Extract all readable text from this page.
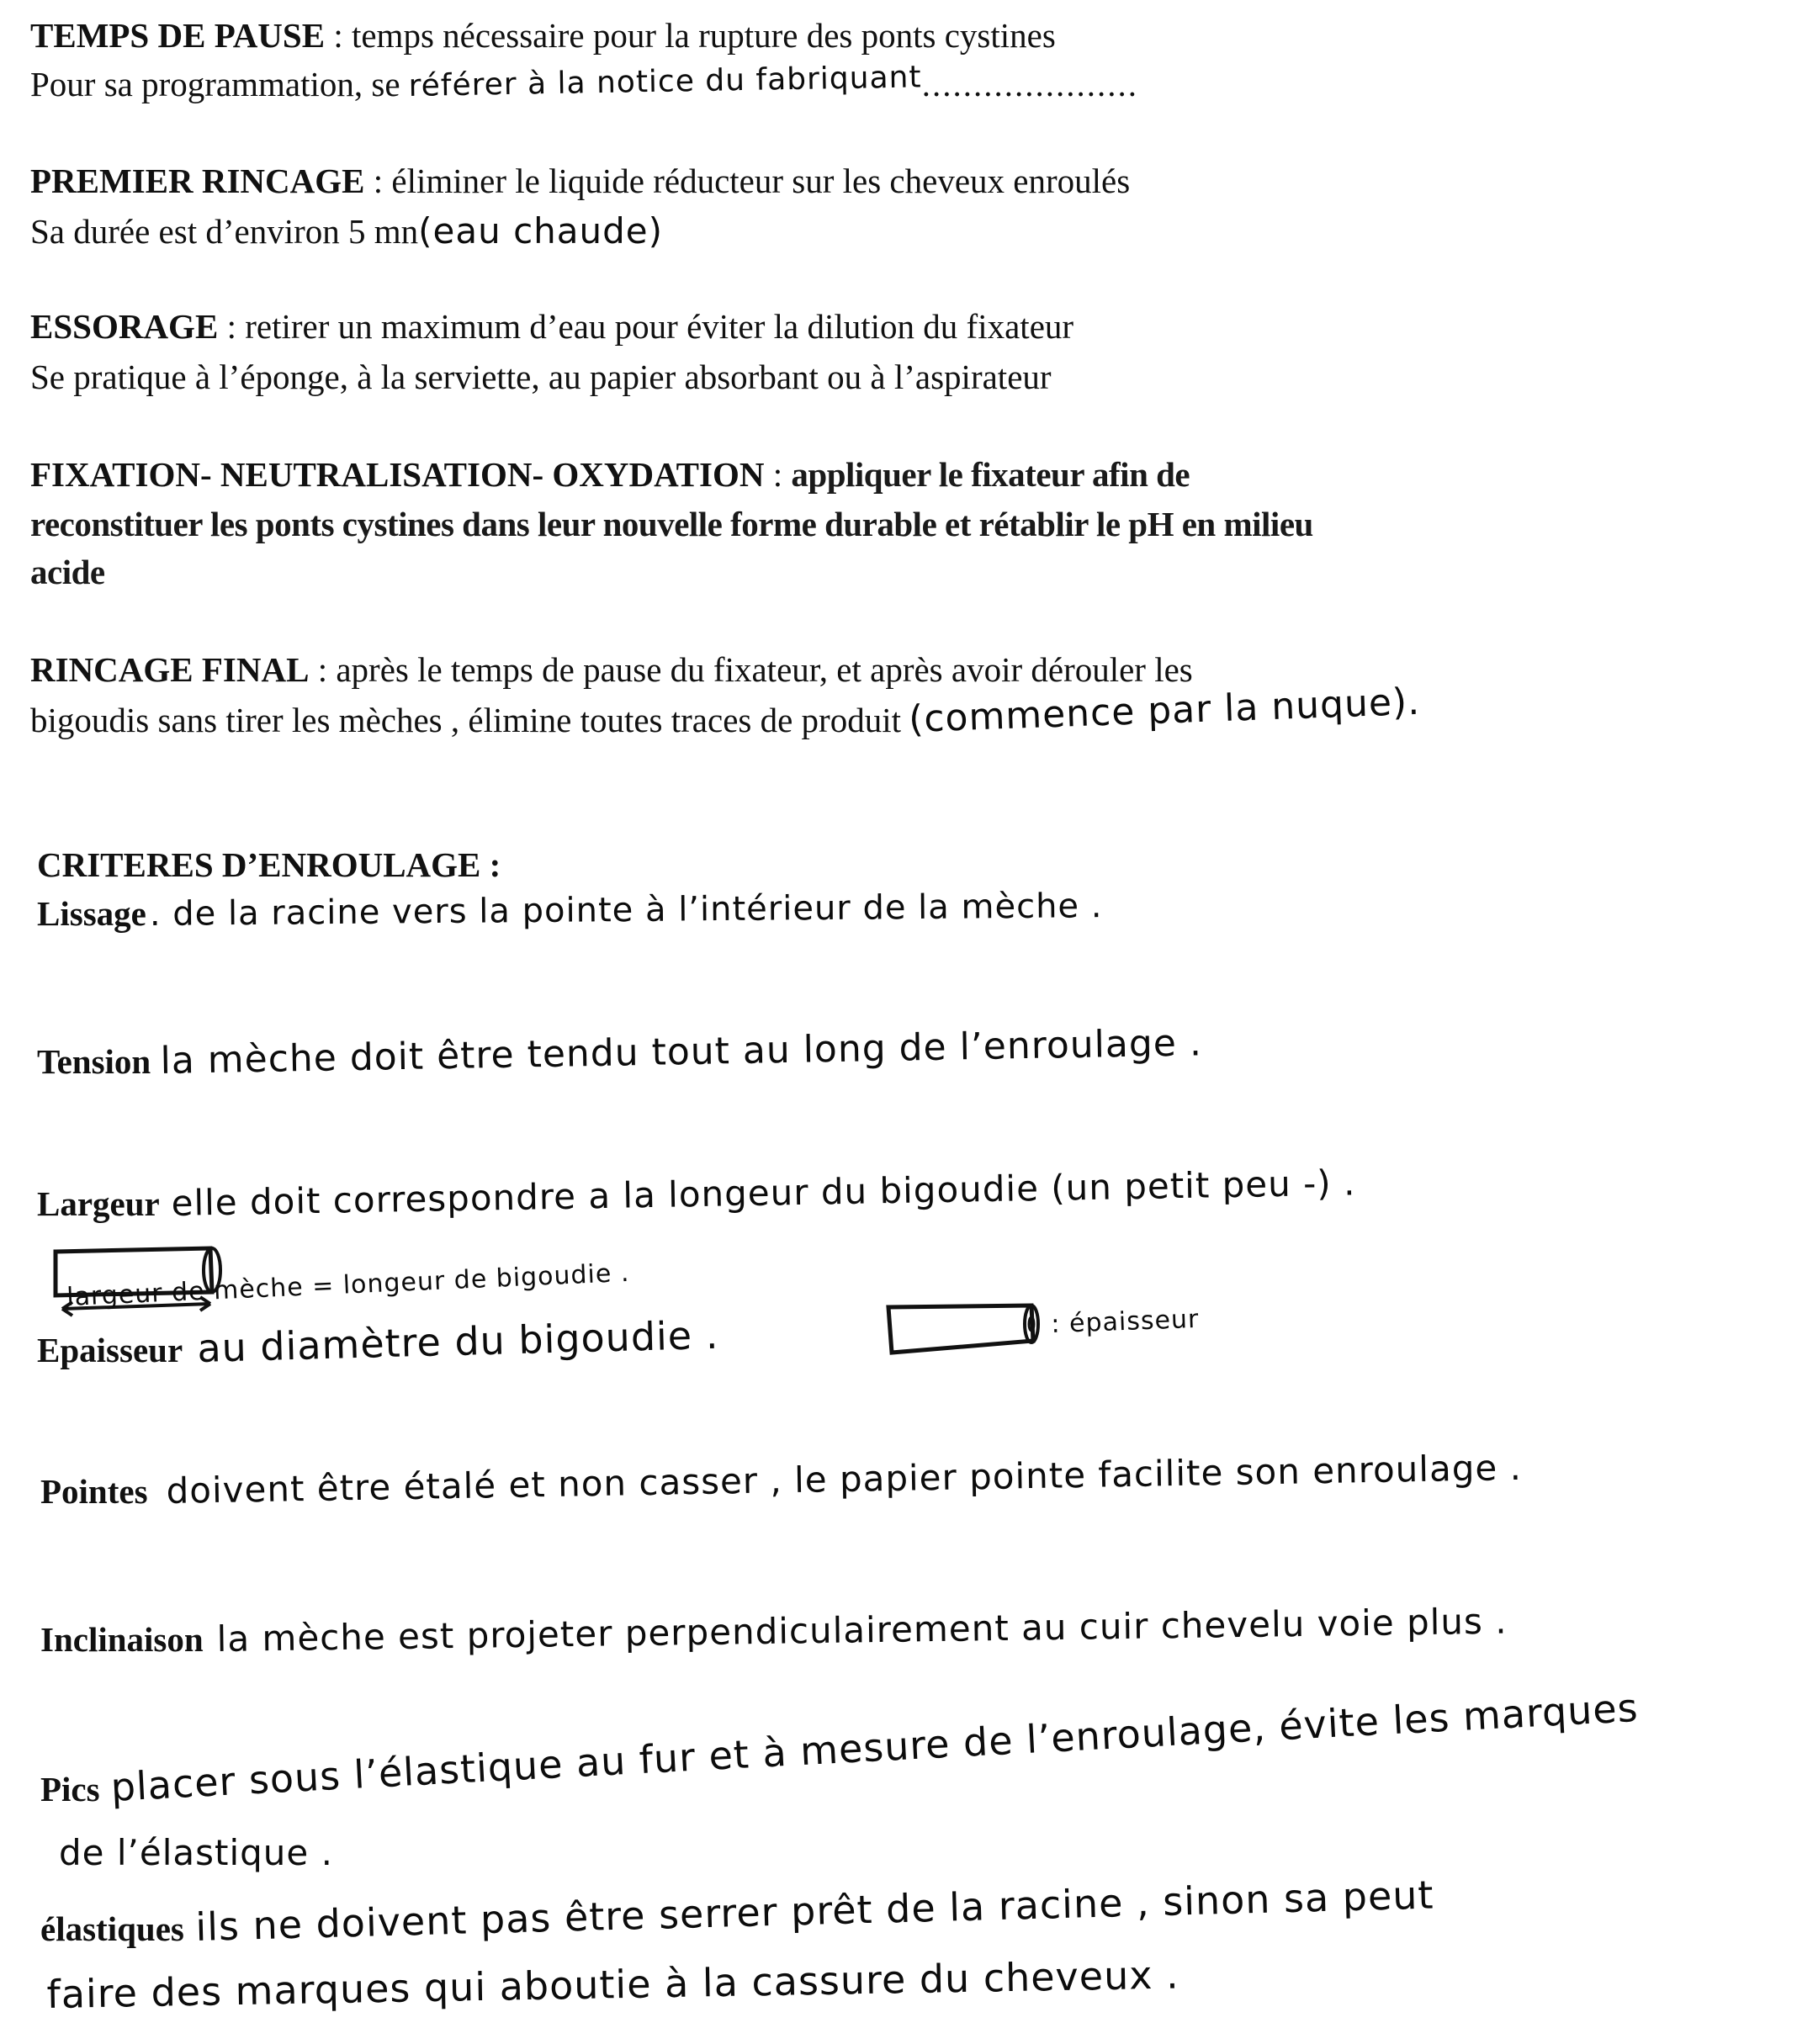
TEMPS DE PAUSE : temps nécessaire pour la rupture des ponts cystines
Pour sa programmation, se référer à la notice du fabriquant.....................
PREMIER RINCAGE : éliminer le liquide réducteur sur les cheveux enroulés
Sa durée est d’environ 5 mn(eau chaude)
ESSORAGE : retirer un maximum d’eau pour éviter la dilution du fixateur
Se pratique à l’éponge, à la serviette, au papier absorbant ou à l’aspirateur
FIXATION- NEUTRALISATION- OXYDATION : appliquer le fixateur afin de
reconstituer les ponts cystines dans leur nouvelle forme durable et rétablir le pH en milieu
acide
RINCAGE FINAL : après le temps de pause du fixateur, et après avoir dérouler les
bigoudis sans tirer les mèches , élimine toutes traces de produit (commence par la nuque).
CRITERES D’ENROULAGE :
Lissage. de la racine vers la pointe à l’intérieur de la mèche .
Tension la mèche doit être tendu tout au long de l’enroulage .
Largeur elle doit correspondre a la longeur du bigoudie (un petit peu -) .
largeur de mèche = longeur de bigoudie .
Epaisseur au diamètre du bigoudie .	: épaisseur
Pointes doivent être étalé et non casser , le papier pointe facilite son enroulage .
Inclinaison la mèche est projeter perpendiculairement au cuir chevelu voie plus .
Pics placer sous l’élastique au fur et à mesure de l’enroulage, évite les marques
de l’élastique .
élastiques ils ne doivent pas être serrer prêt de la racine , sinon sa peut
faire des marques qui aboutie à la cassure du cheveux .
